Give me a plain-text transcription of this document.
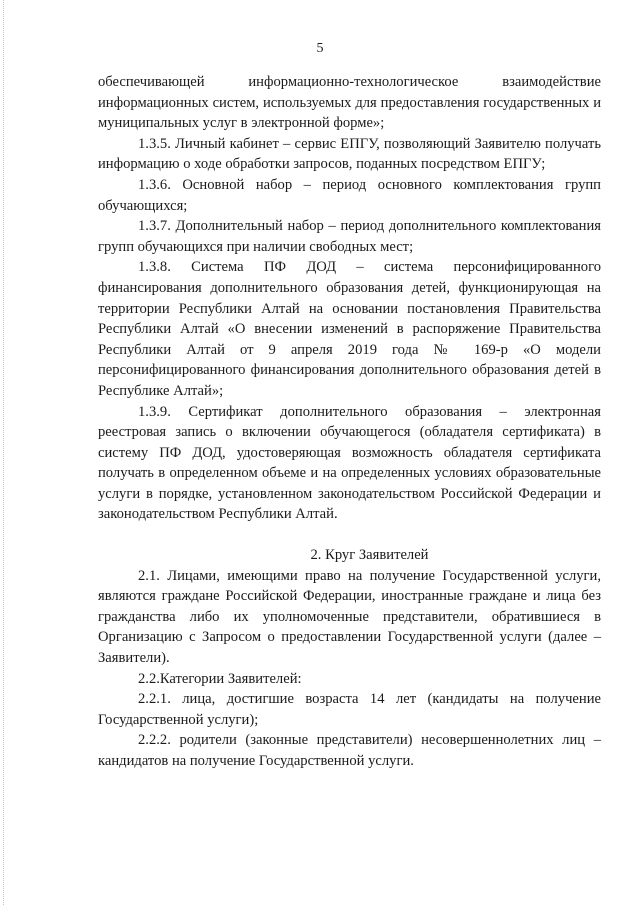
5

обеспечивающей информационно-технологическое взаимодействие информационных систем, используемых для предоставления государственных и муниципальных услуг в электронной форме»;

1.3.5. Личный кабинет – сервис ЕПГУ, позволяющий Заявителю получать информацию о ходе обработки запросов, поданных посредством ЕПГУ;

1.3.6. Основной набор – период основного комплектования групп обучающихся;

1.3.7. Дополнительный набор – период дополнительного комплектования групп обучающихся при наличии свободных мест;

1.3.8. Система ПФ ДОД – система персонифицированного финансирования дополнительного образования детей, функционирующая на территории Республики Алтай на основании постановления Правительства Республики Алтай «О внесении изменений в распоряжение Правительства Республики Алтай от 9 апреля 2019 года № 169-р «О модели персонифицированного финансирования дополнительного образования детей в Республике Алтай»;

1.3.9. Сертификат дополнительного образования – электронная реестровая запись о включении обучающегося (обладателя сертификата) в систему ПФ ДОД, удостоверяющая возможность обладателя сертификата получать в определенном объеме и на определенных условиях образовательные услуги в порядке, установленном законодательством Российской Федерации и законодательством Республики Алтай.

2. Круг Заявителей

2.1. Лицами, имеющими право на получение Государственной услуги, являются граждане Российской Федерации, иностранные граждане и лица без гражданства либо их уполномоченные представители, обратившиеся в Организацию с Запросом о предоставлении Государственной услуги (далее – Заявители).

2.2.Категории Заявителей:

2.2.1. лица, достигшие возраста 14 лет (кандидаты на получение Государственной услуги);

2.2.2. родители (законные представители) несовершеннолетних лиц – кандидатов на получение Государственной услуги.
